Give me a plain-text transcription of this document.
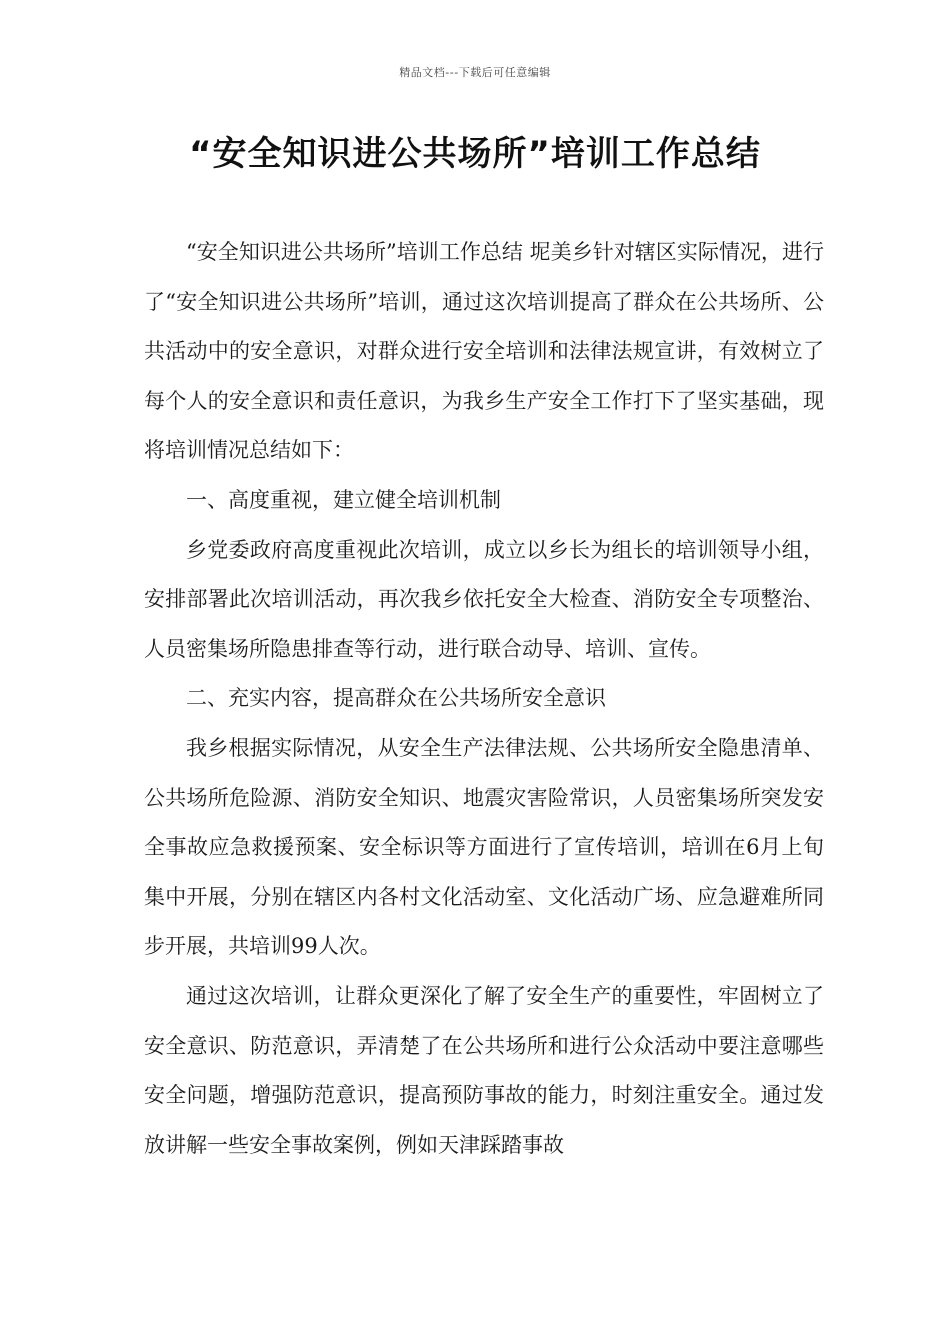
精品文档---下载后可任意编辑
“安全知识进公共场所”培训工作总结

“安全知识进公共场所”培训工作总结 坭美乡针对辖区实际情况，进行了“安全知识进公共场所”培训，通过这次培训提高了群众在公共场所、公共活动中的安全意识，对群众进行安全培训和法律法规宣讲，有效树立了每个人的安全意识和责任意识，为我乡生产安全工作打下了坚实基础，现将培训情况总结如下：

一、高度重视，建立健全培训机制

乡党委政府高度重视此次培训，成立以乡长为组长的培训领导小组，安排部署此次培训活动，再次我乡依托安全大检查、消防安全专项整治、人员密集场所隐患排查等行动，进行联合动导、培训、宣传。

二、充实内容，提高群众在公共场所安全意识

我乡根据实际情况，从安全生产法律法规、公共场所安全隐患清单、公共场所危险源、消防安全知识、地震灾害险常识，人员密集场所突发安全事故应急救援预案、安全标识等方面进行了宣传培训，培训在6月上旬集中开展，分别在辖区内各村文化活动室、文化活动广场、应急避难所同步开展，共培训99人次。

通过这次培训，让群众更深化了解了安全生产的重要性，牢固树立了安全意识、防范意识，弄清楚了在公共场所和进行公众活动中要注意哪些安全问题，增强防范意识，提高预防事故的能力，时刻注重安全。通过发放讲解一些安全事故案例，例如天津踩踏事故
